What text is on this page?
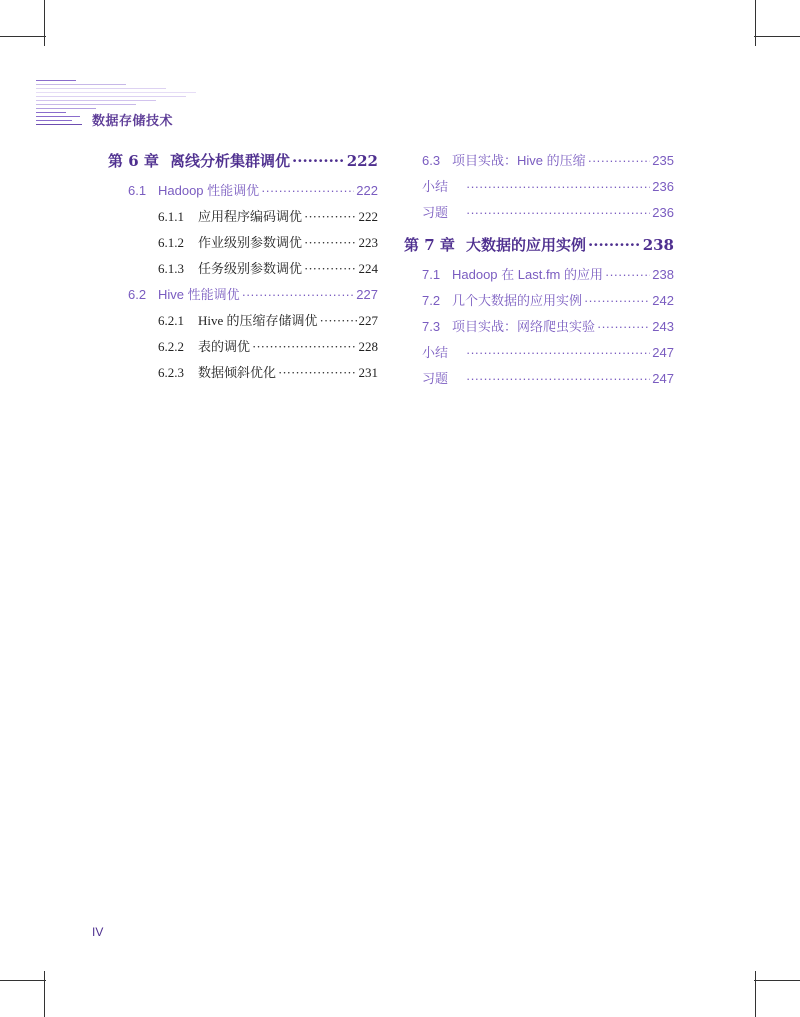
数据存储技术
第 6 章 离线分析集群调优 ·····	222
6.1 Hadoop 性能调优 ·····	222
6.1.1	应用程序编码调优 ·····	222
6.1.2	作业级别参数调优 ·····	223
6.1.3	任务级别参数调优 ·····	224
6.2 Hive 性能调优 ·····	227
6.2.1	Hive 的压缩存储调优 ·····	227
6.2.2	表的调优 ·····	228
6.2.3	数据倾斜优化 ·····	231
6.3 项目实战：Hive 的压缩 ·····	235
小结 ·····	236
习题 ·····	236
第 7 章 大数据的应用实例 ·····	238
7.1 Hadoop 在 Last.fm 的应用 ·····	238
7.2 几个大数据的应用实例 ·····	242
7.3 项目实战：网络爬虫实验 ·····	243
小结 ·····	247
习题 ·····	247
IV
